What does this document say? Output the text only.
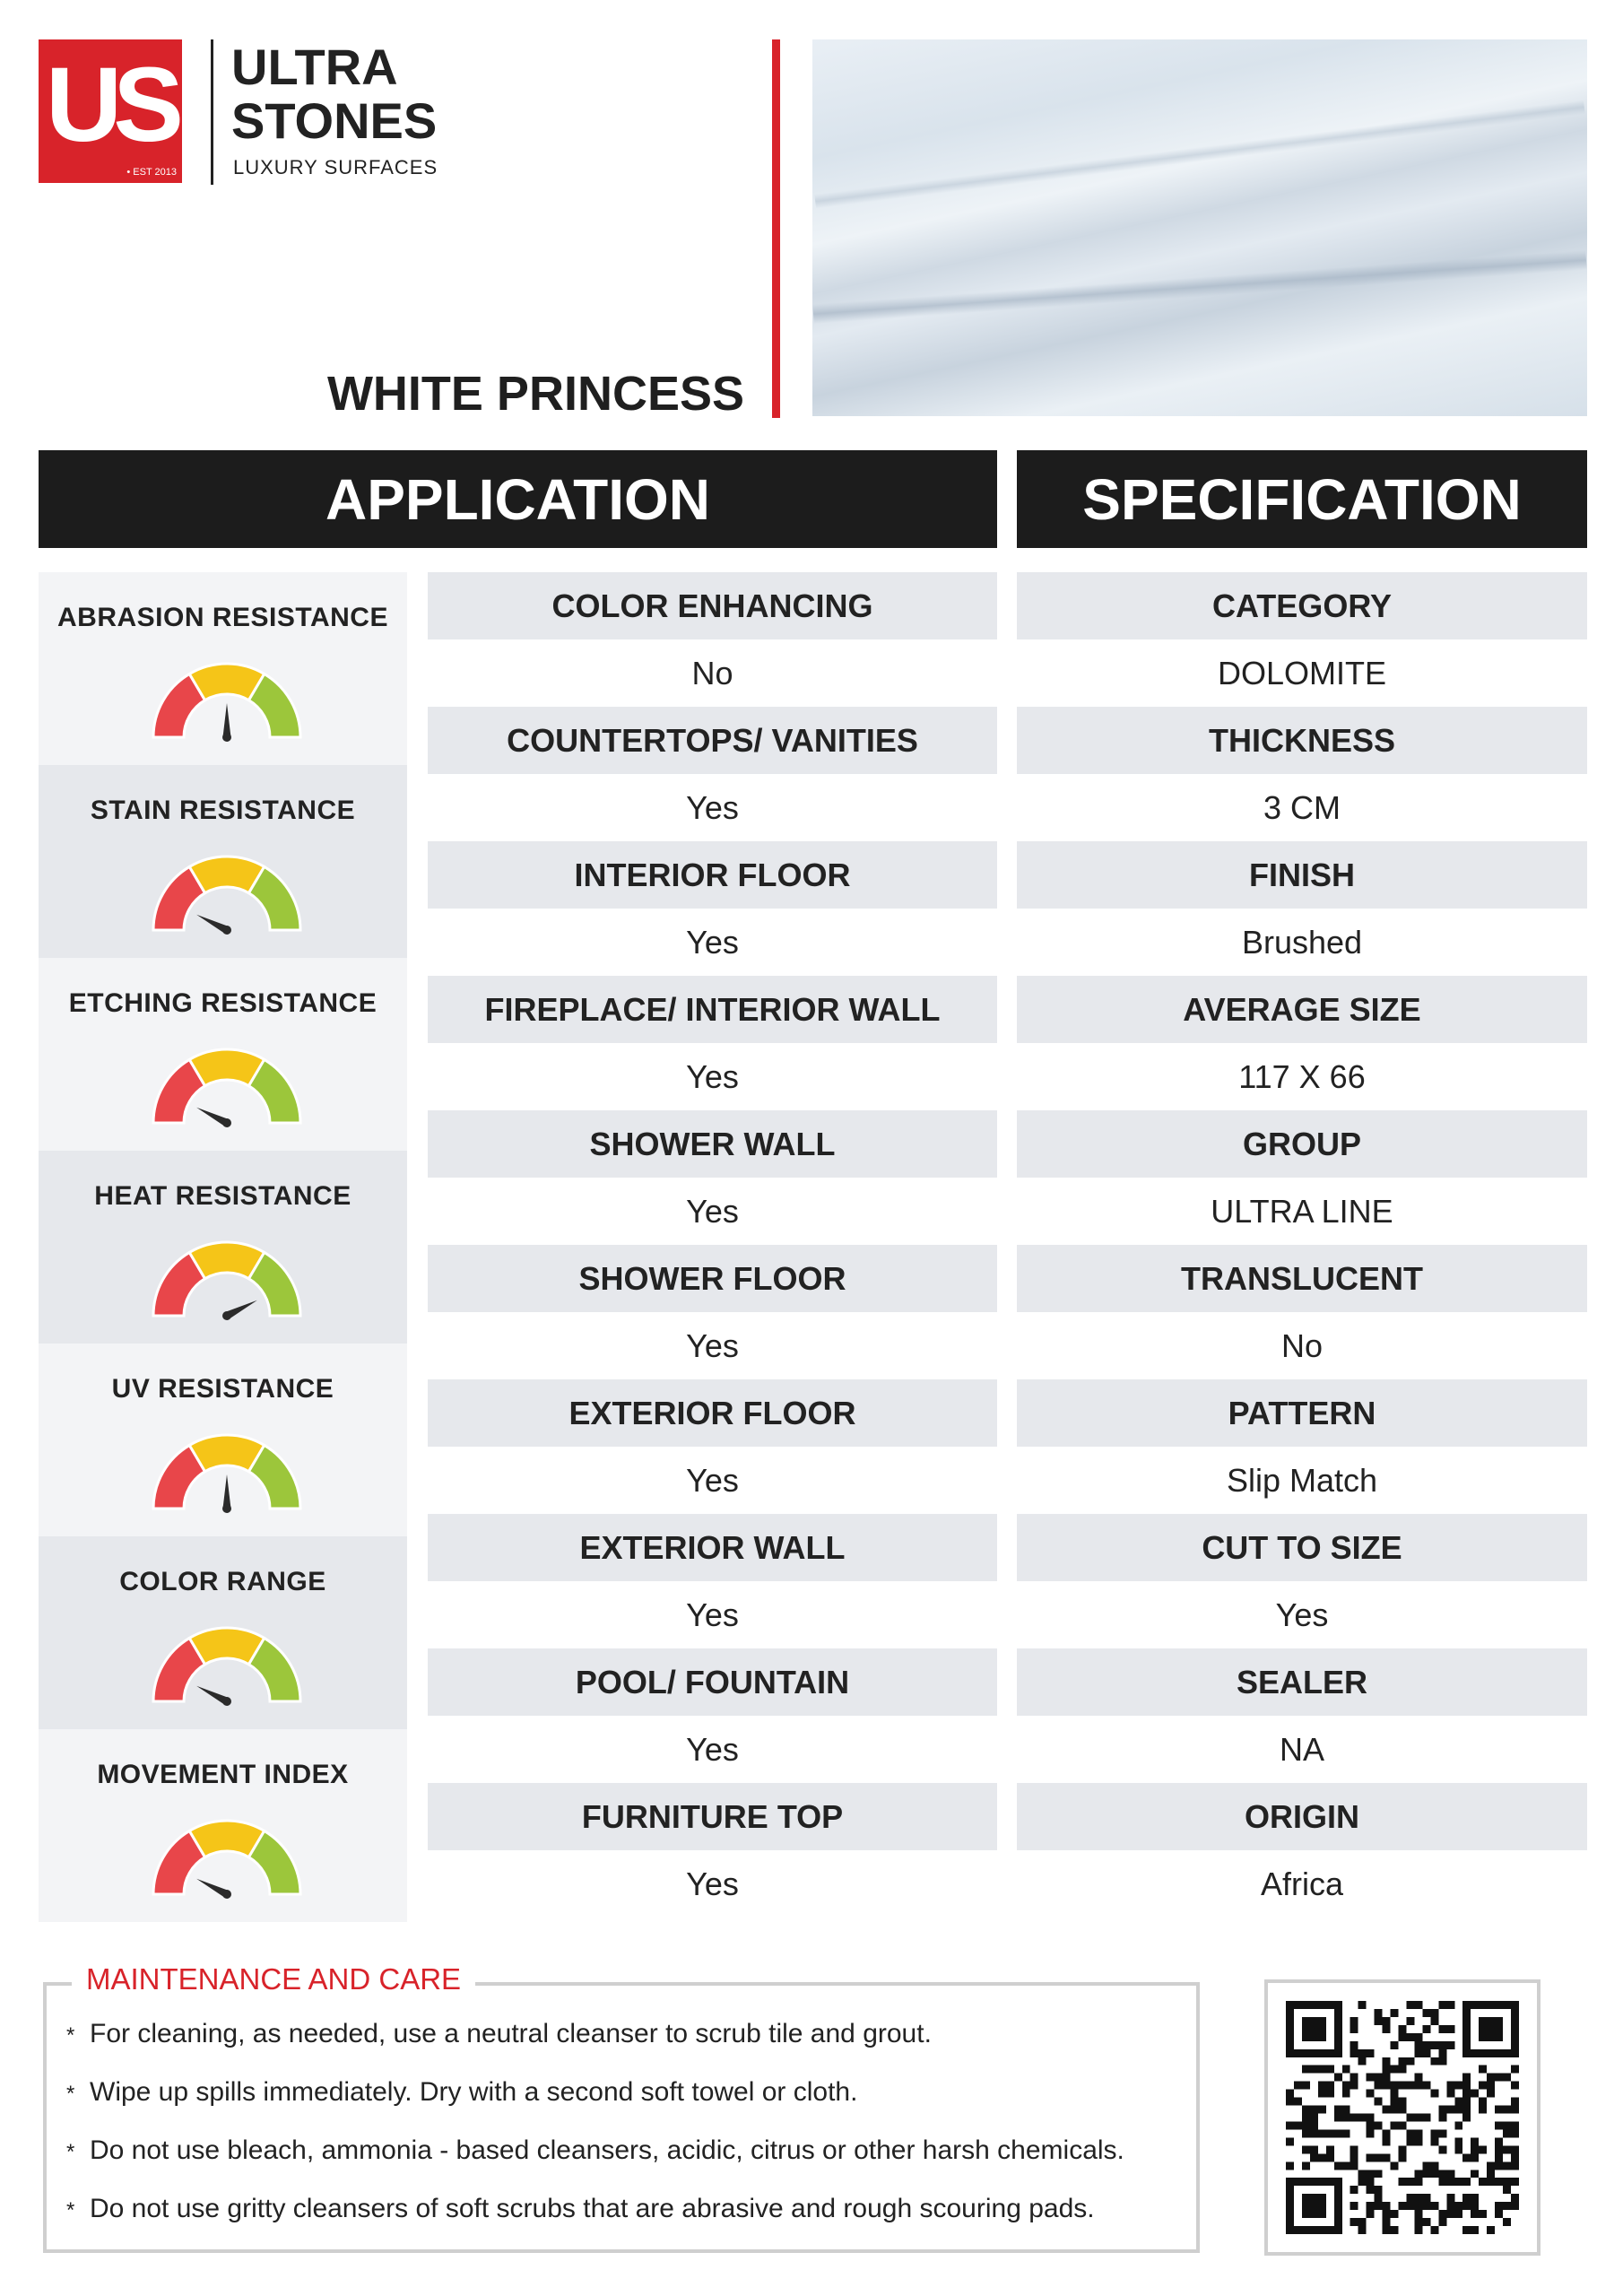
US
• EST 2013
ULTRA
STONES
LUXURY SURFACES
WHITE PRINCESS
APPLICATION	SPECIFICATION
ABRASION RESISTANCE
STAIN RESISTANCE
ETCHING RESISTANCE
HEAT RESISTANCE
UV RESISTANCE
COLOR RANGE
MOVEMENT INDEX
COLOR ENHANCING
No
COUNTERTOPS/ VANITIES
Yes
INTERIOR FLOOR
Yes
FIREPLACE/ INTERIOR WALL
Yes
SHOWER WALL
Yes
SHOWER FLOOR
Yes
EXTERIOR FLOOR
Yes
EXTERIOR WALL
Yes
POOL/ FOUNTAIN
Yes
FURNITURE TOP
Yes
CATEGORY
DOLOMITE
THICKNESS
3 CM
FINISH
Brushed
AVERAGE SIZE
117 X 66
GROUP
ULTRA LINE
TRANSLUCENT
No
PATTERN
Slip Match
CUT TO SIZE
Yes
SEALER
NA
ORIGIN
Africa
MAINTENANCE AND CARE
* For cleaning, as needed, use a neutral cleanser to scrub tile and grout.
* Wipe up spills immediately. Dry with a second soft towel or cloth.
* Do not use bleach, ammonia - based cleansers, acidic, citrus or other harsh chemicals.
* Do not use gritty cleansers of soft scrubs that are abrasive and rough scouring pads.
